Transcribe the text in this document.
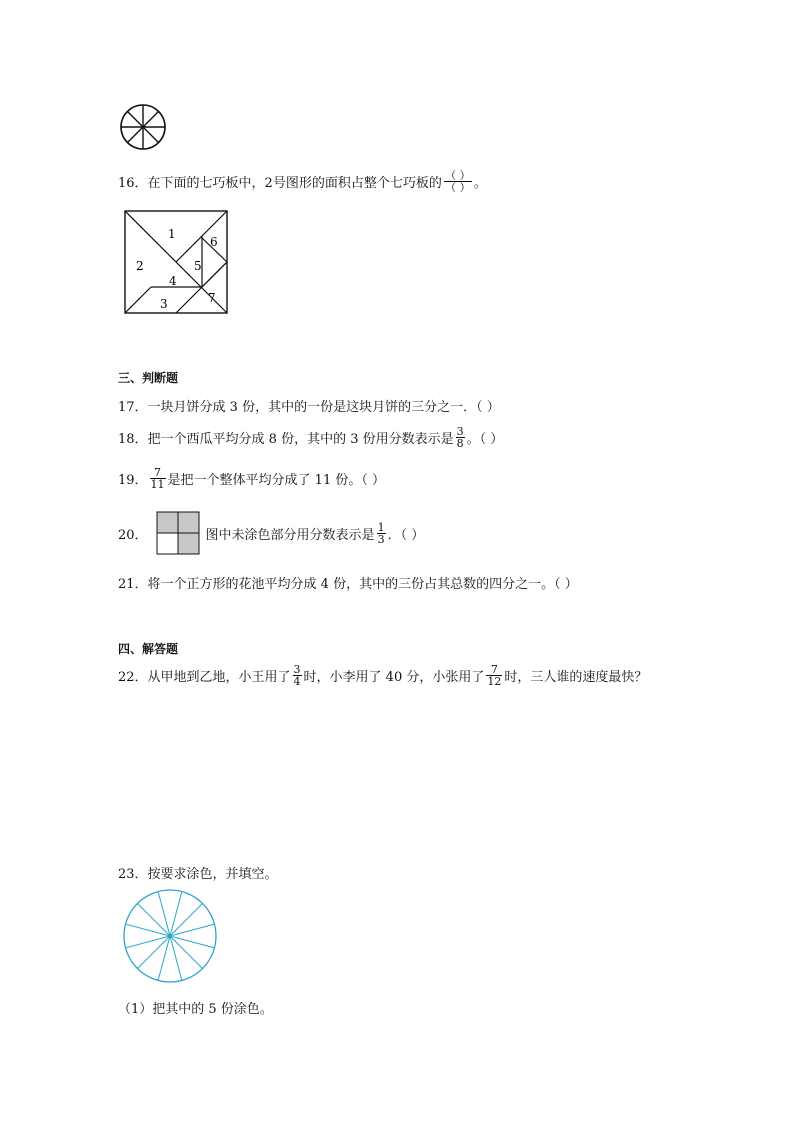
16． 在下面的七巧板中，2号图形的面积占整个七巧板的 $\frac{( )}{( )}$ 。
1
2
3
4
5
6
7
三、判断题
17．一块月饼分成 3 份，其中的一份是这块月饼的三分之一．（ ）
18．把一个西瓜平均分成 8 份，其中的 3 份用分数表示是 $\frac{3}{8}$ 。（ ）
19． $\frac{7}{11}$ 是把一个整体平均分成了 11 份。（ ）
20．	图中未涂色部分用分数表示是 $\frac{1}{3}$ ．（ ）
21．将一个正方形的花池平均分成 4 份，其中的三份占其总数的四分之一。（ ）
四、解答题
22．从甲地到乙地，小王用了 $\frac{3}{4}$ 时，小李用了 40 分，小张用了 $\frac{7}{12}$ 时，三人谁的速度最快？
23．按要求涂色，并填空。
（1）把其中的 5 份涂色。
